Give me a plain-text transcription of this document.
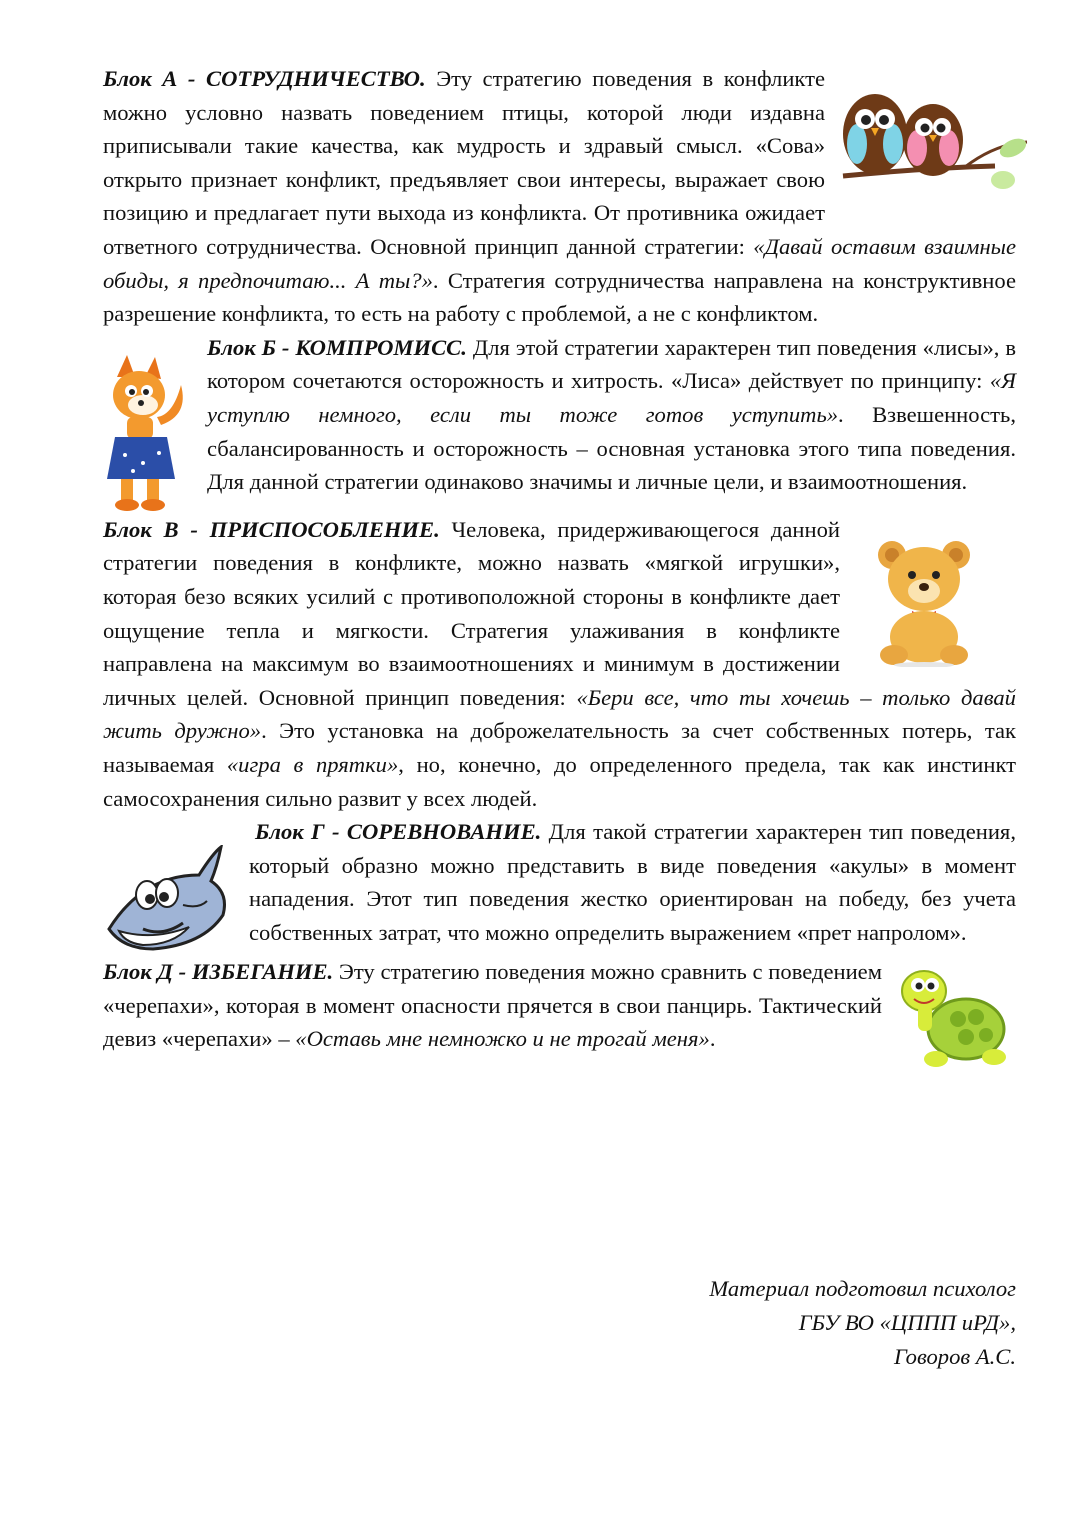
Блок А - СОТРУДНИЧЕСТВО. Эту стратегию поведения в конфликте можно условно назвать поведением птицы, которой люди издавна приписывали такие качества, как мудрость и здравый смысл. «Сова» открыто признает конфликт, предъявляет свои интересы, выражает свою позицию и предлагает пути выхода из конфликта. От противника ожидает ответного сотрудничества. Основной принцип данной стратегии: «Давай оставим взаимные обиды, я предпочитаю... А ты?». Стратегия сотрудничества направлена на конструктивное разрешение конфликта, то есть на работу с проблемой, а не с конфликтом.

Блок Б - КОМПРОМИСС. Для этой стратегии характерен тип поведения «лисы», в котором сочетаются осторожность и хитрость. «Лиса» действует по принципу: «Я уступлю немного, если ты тоже готов уступить». Взвешенность, сбалансированность и осторожность – основная установка этого типа поведения. Для данной стратегии одинаково значимы и личные цели, и взаимоотношения.

Блок В - ПРИСПОСОБЛЕНИЕ. Человека, придерживающегося данной стратегии поведения в конфликте, можно назвать «мягкой игрушки», которая безо всяких усилий с противоположной стороны в конфликте дает ощущение тепла и мягкости. Стратегия улаживания в конфликте направлена на максимум во взаимоотношениях и минимум в достижении личных целей. Основной принцип поведения: «Бери все, что ты хочешь – только давай жить дружно». Это установка на доброжелательность за счет собственных потерь, так называемая «игра в прятки», но, конечно, до определенного предела, так как инстинкт самосохранения сильно развит у всех людей.

Блок Г - СОРЕВНОВАНИЕ. Для такой стратегии характерен тип поведения, который образно можно представить в виде поведения «акулы» в момент нападения. Этот тип поведения жестко ориентирован на победу, без учета собственных затрат, что можно определить выражением «прет напролом».

Блок Д - ИЗБЕГАНИЕ. Эту стратегию поведения можно сравнить с поведением «черепахи», которая в момент опасности прячется в свои панцирь. Тактический девиз «черепахи» – «Оставь мне немножко и не трогай меня».

Материал подготовил психолог
ГБУ ВО «ЦППП иРД»,
Говоров А.С.
